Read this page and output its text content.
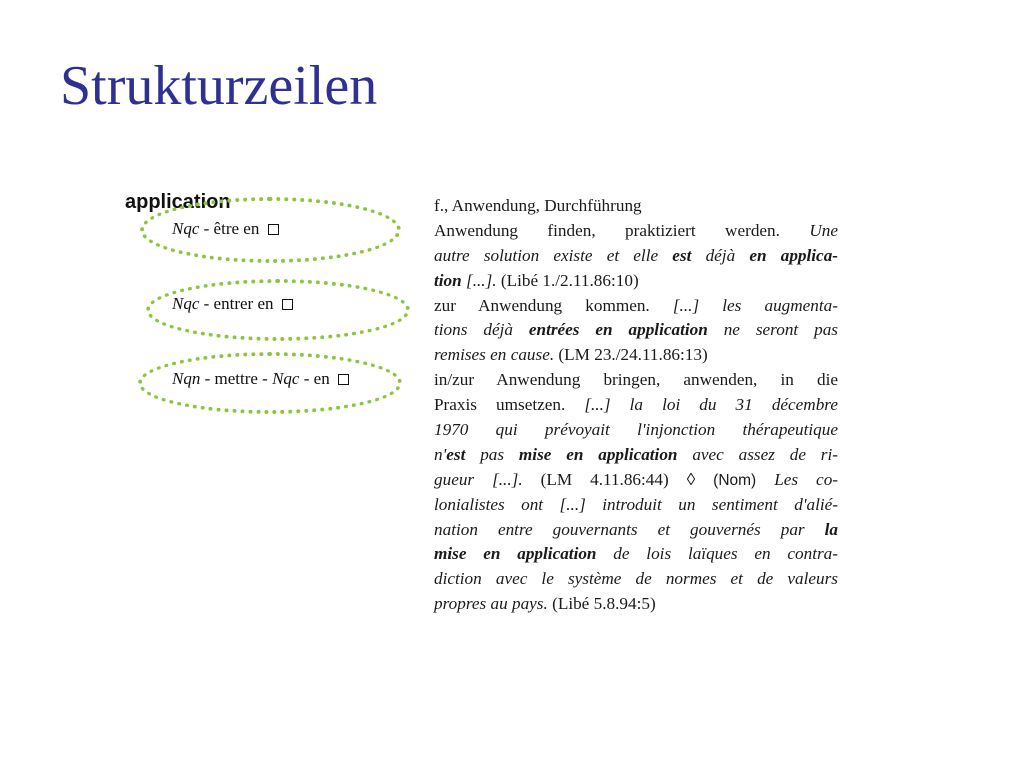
Strukturzeilen
application
Nqc - être en
Nqc - entrer en
Nqn - mettre - Nqc - en
f., Anwendung, Durchführung
Anwendung finden, praktiziert werden. Une
autre solution existe et elle est déjà en applica-
tion [...]. (Libé 1./2.11.86:10)
zur Anwendung kommen. [...] les augmenta-
tions déjà entrées en application ne seront pas
remises en cause. (LM 23./24.11.86:13)
in/zur Anwendung bringen, anwenden, in die
Praxis umsetzen. [...] la loi du 31 décembre
1970 qui prévoyait l'injonction thérapeutique
n'est pas mise en application avec assez de ri-
gueur [...]. (LM 4.11.86:44) ◊ (Nom) Les co-
lonialistes ont [...] introduit un sentiment d'alié-
nation entre gouvernants et gouvernés par la
mise en application de lois laïques en contra-
diction avec le système de normes et de valeurs
propres au pays. (Libé 5.8.94:5)
